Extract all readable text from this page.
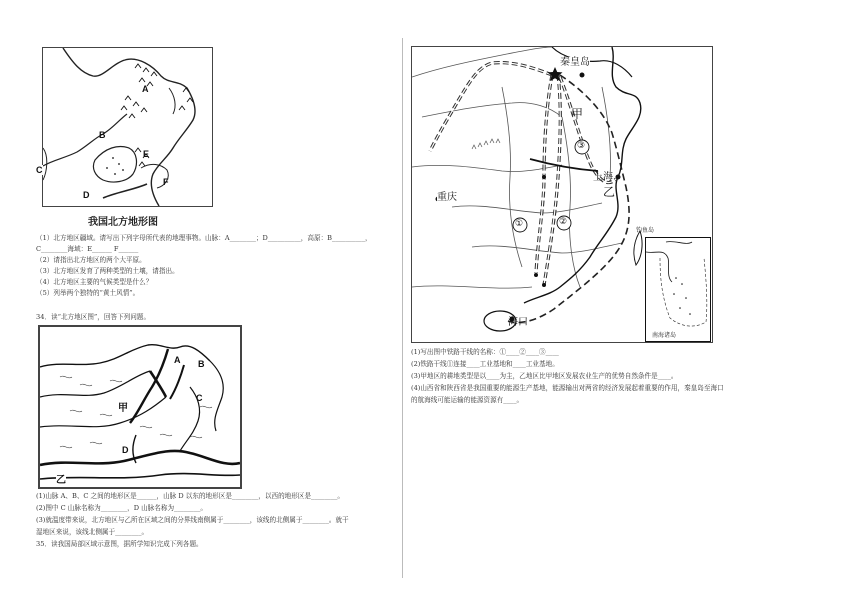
A
B
C
D
E
F
我国北方地形图
（1）北方地区疆域。请写出下列字母所代表的地理事物。山脉：A________；D__________，高原：B__________，
C________海域：E______ F______
（2）请指出北方地区的两个大平原。
（3）北方地区发育了两种类型的土壤，请指出。
（4）北方地区主要的气候类型是什么？
（5）列举两个独特的“黄土风情”。
34．读“北方地区图”，回答下列问题。
A B
C
D
甲
乙
(1)山脉 A、B、C 之间的地形区是______，山脉 D 以东的地形区是________，以西的地形区是________。
(2)图中 C 山脉名称为________，D 山脉名称为________。
(3)就温度带来说，北方地区与乙所在区域之间的分界线南侧属于________，该线的北侧属于________。就干
湿地区来说，该线北侧属于________。
35．读我国局部区域示意图，据所学知识完成下列各题。
秦皇岛
上海
重庆
海口
甲
乙
①	②
③
南海诸岛
钓鱼岛
(1)写出图中铁路干线的名称：①____②____③____
(2)铁路干线①连接____工业基地和____工业基地。
(3)甲地区的耕地类型是以____为主，乙地区比甲地区发展农业生产的优势自然条件是____。
(4)山西省和陕西省是我国重要的能源生产基地，能源输出对两省的经济发展起着重要的作用，秦皇岛至海口
的航海线可能运输的能源资源有____。
